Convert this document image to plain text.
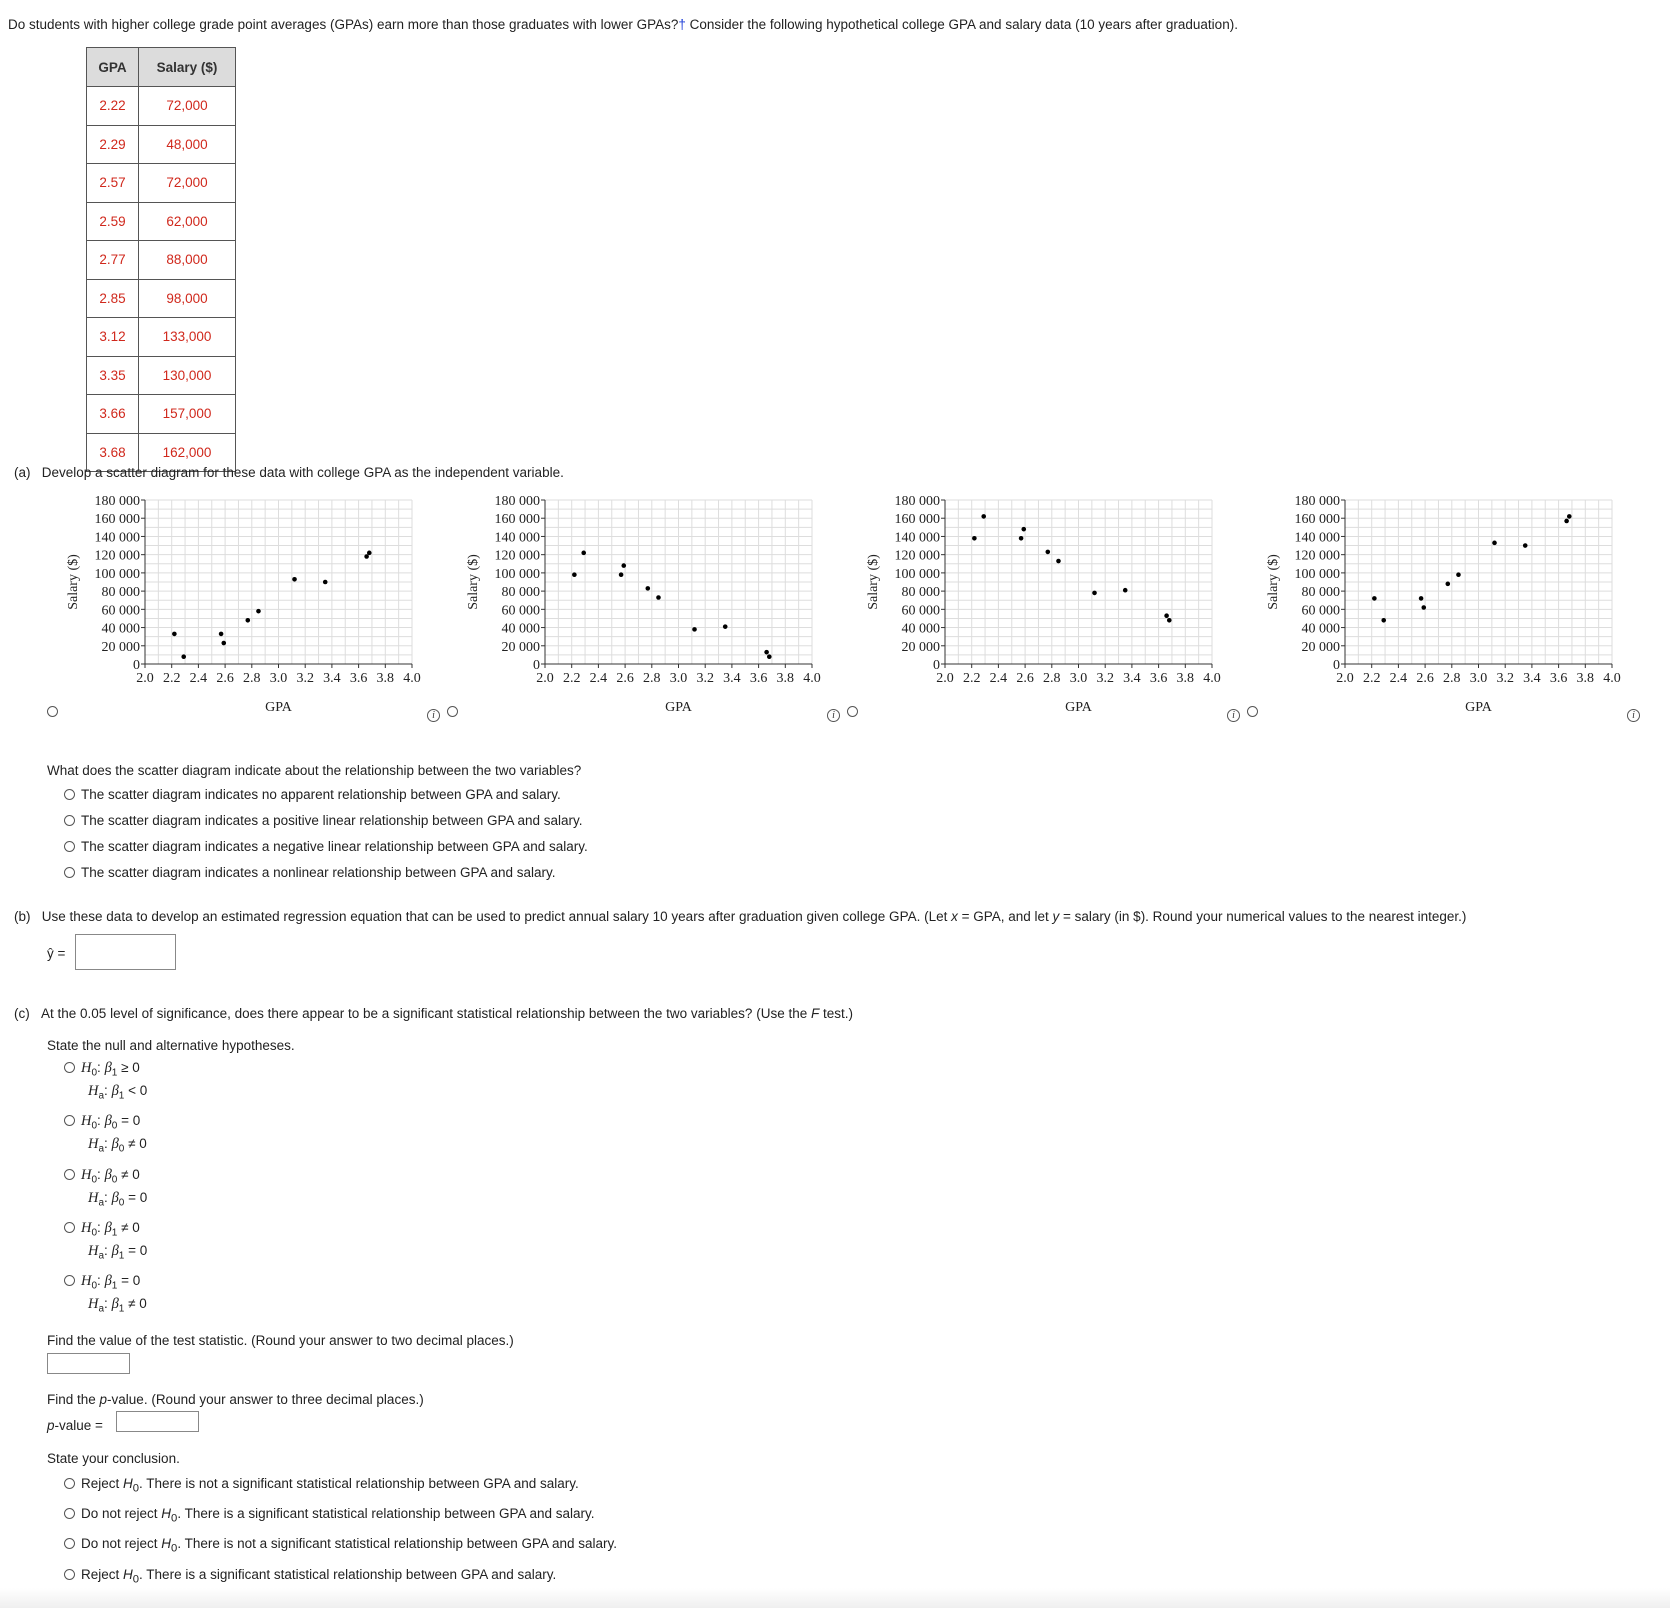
Do students with higher college grade point averages (GPAs) earn more than those graduates with lower GPAs?† Consider the following hypothetical college GPA and salary data (10 years after graduation).
GPA	Salary ($)
2.22	72,000
2.29	48,000
2.57	72,000
2.59	62,000
2.77	88,000
2.85	98,000
3.12	133,000
3.35	130,000
3.66	157,000
3.68	162,000
(a) Develop a scatter diagram for these data with college GPA as the independent variable.
0
20 000
40 000
60 000
80 000
100 000
120 000
140 000
160 000
180 000
2.0 2.2 2.4 2.6 2.8 3.0 3.2 3.4 3.6 3.8 4.0
GPA
Salary ($)
0
20 000
40 000
60 000
80 000
100 000
120 000
140 000
160 000
180 000
2.0 2.2 2.4 2.6 2.8 3.0 3.2 3.4 3.6 3.8 4.0
GPA
Salary ($)
0
20 000
40 000
60 000
80 000
100 000
120 000
140 000
160 000
180 000
2.0 2.2 2.4 2.6 2.8 3.0 3.2 3.4 3.6 3.8 4.0
GPA
Salary ($)
0
20 000
40 000
60 000
80 000
100 000
120 000
140 000
160 000
180 000
2.0 2.2 2.4 2.6 2.8 3.0 3.2 3.4 3.6 3.8 4.0
GPA
Salary ($)
i	i	i	i
What does the scatter diagram indicate about the relationship between the two variables?
The scatter diagram indicates no apparent relationship between GPA and salary.
The scatter diagram indicates a positive linear relationship between GPA and salary.
The scatter diagram indicates a negative linear relationship between GPA and salary.
The scatter diagram indicates a nonlinear relationship between GPA and salary.
(b) Use these data to develop an estimated regression equation that can be used to predict annual salary 10 years after graduation given college GPA. (Let x = GPA, and let y = salary (in $). Round your numerical values to the nearest integer.)
ŷ =
(c) At the 0.05 level of significance, does there appear to be a significant statistical relationship between the two variables? (Use the F test.)
State the null and alternative hypotheses.
$H_0$: $\beta_1 \ge 0$
$H_a$: $\beta_1 < 0$
$H_0$: $\beta_0 = 0$
$H_a$: $\beta_0 \ne 0$
$H_0$: $\beta_0 \ne 0$
$H_a$: $\beta_0 = 0$
$H_0$: $\beta_1 \ne 0$
$H_a$: $\beta_1 = 0$
$H_0$: $\beta_1 = 0$
$H_a$: $\beta_1 \ne 0$
Find the value of the test statistic. (Round your answer to two decimal places.)
Find the p-value. (Round your answer to three decimal places.)
p-value =
State your conclusion.
Reject $H_0$. There is not a significant statistical relationship between GPA and salary.
Do not reject $H_0$. There is a significant statistical relationship between GPA and salary.
Do not reject $H_0$. There is not a significant statistical relationship between GPA and salary.
Reject $H_0$. There is a significant statistical relationship between GPA and salary.
